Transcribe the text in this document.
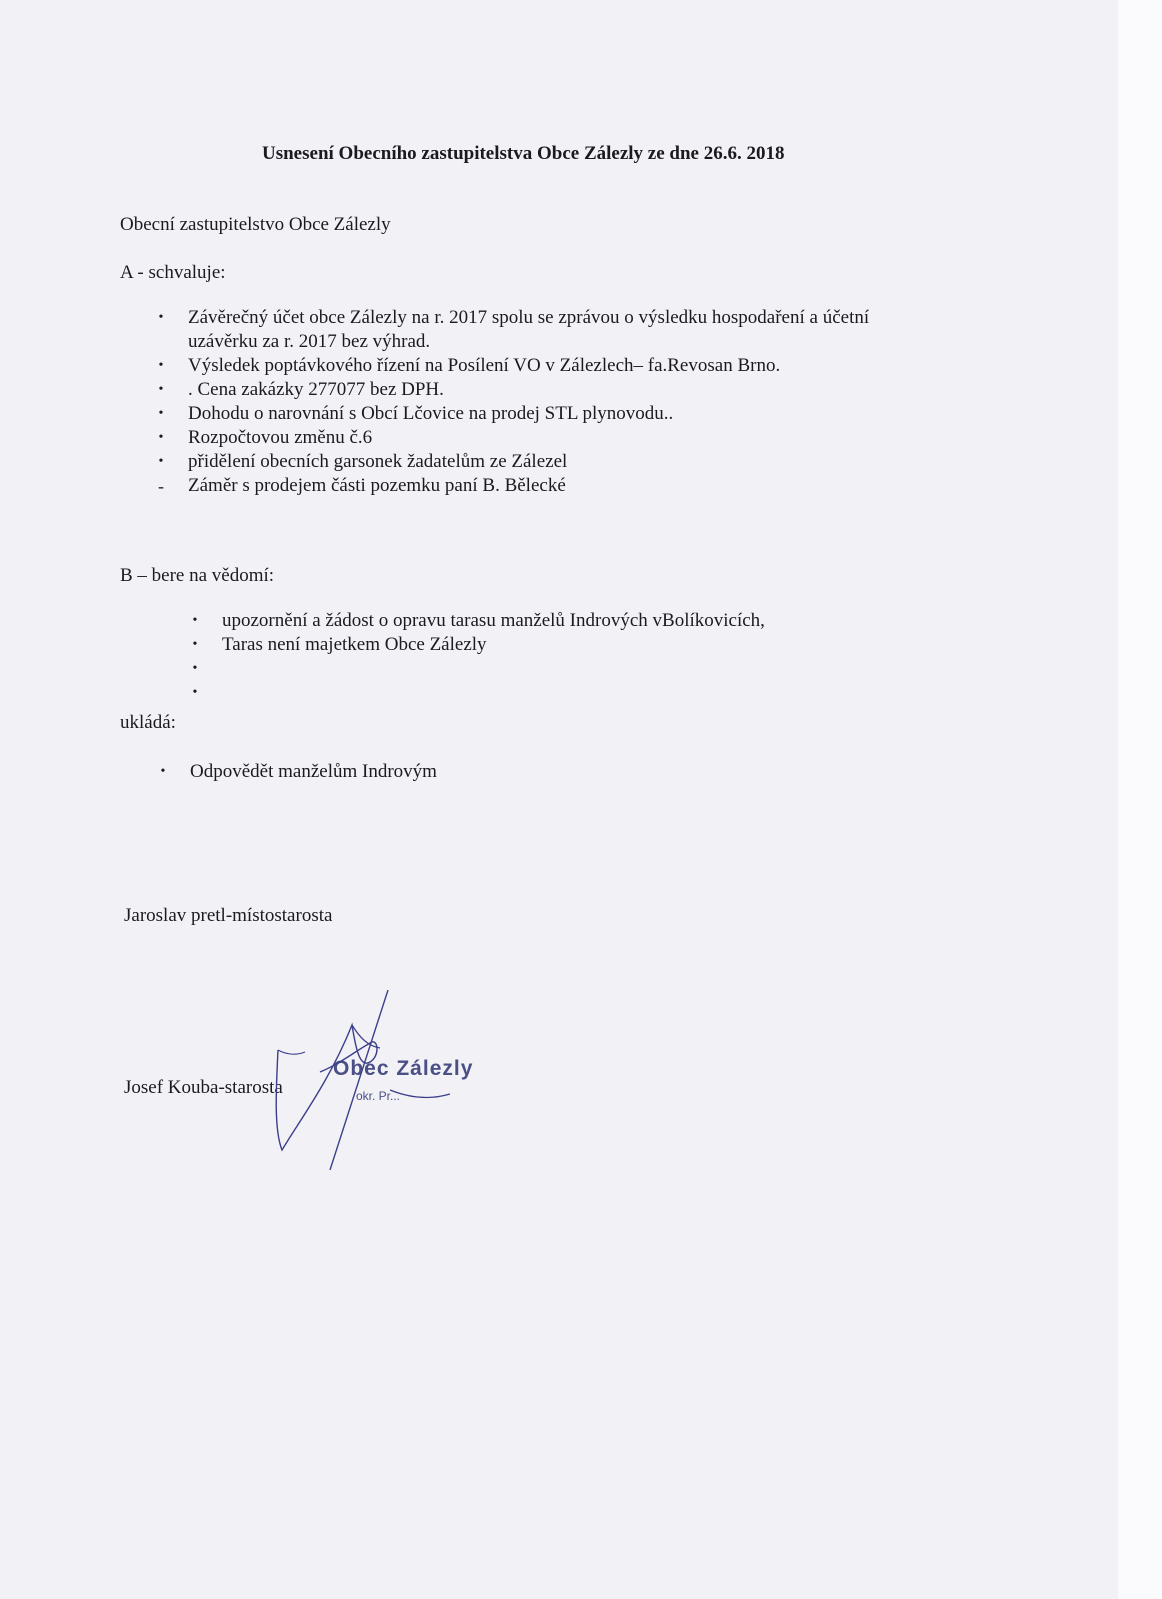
Usnesení Obecního zastupitelstva Obce Zálezly ze dne 26.6. 2018
Obecní zastupitelstvo Obce Zálezly
A - schvaluje:
• Závěrečný účet obce Zálezly na r. 2017 spolu se zprávou o výsledku hospodaření a účetní
uzávěrku za r. 2017 bez výhrad.
• Výsledek poptávkového řízení na Posílení VO v Zálezlech– fa.Revosan Brno.
• . Cena zakázky 277077 bez DPH.
• Dohodu o narovnání s Obcí Lčovice na prodej STL plynovodu..
• Rozpočtovou změnu č.6
• přidělení obecních garsonek žadatelům ze Zálezel
- Záměr s prodejem části pozemku paní B. Bělecké
B – bere na vědomí:
• upozornění a žádost o opravu tarasu manželů Indrových vBolíkovicích,
• Taras není majetkem Obce Zálezly
•
•
ukládá:
• Odpovědět manželům Indrovým
Jaroslav pretl-místostarosta
Josef Kouba-starosta
Obec Zálezly
okr. Pr...
